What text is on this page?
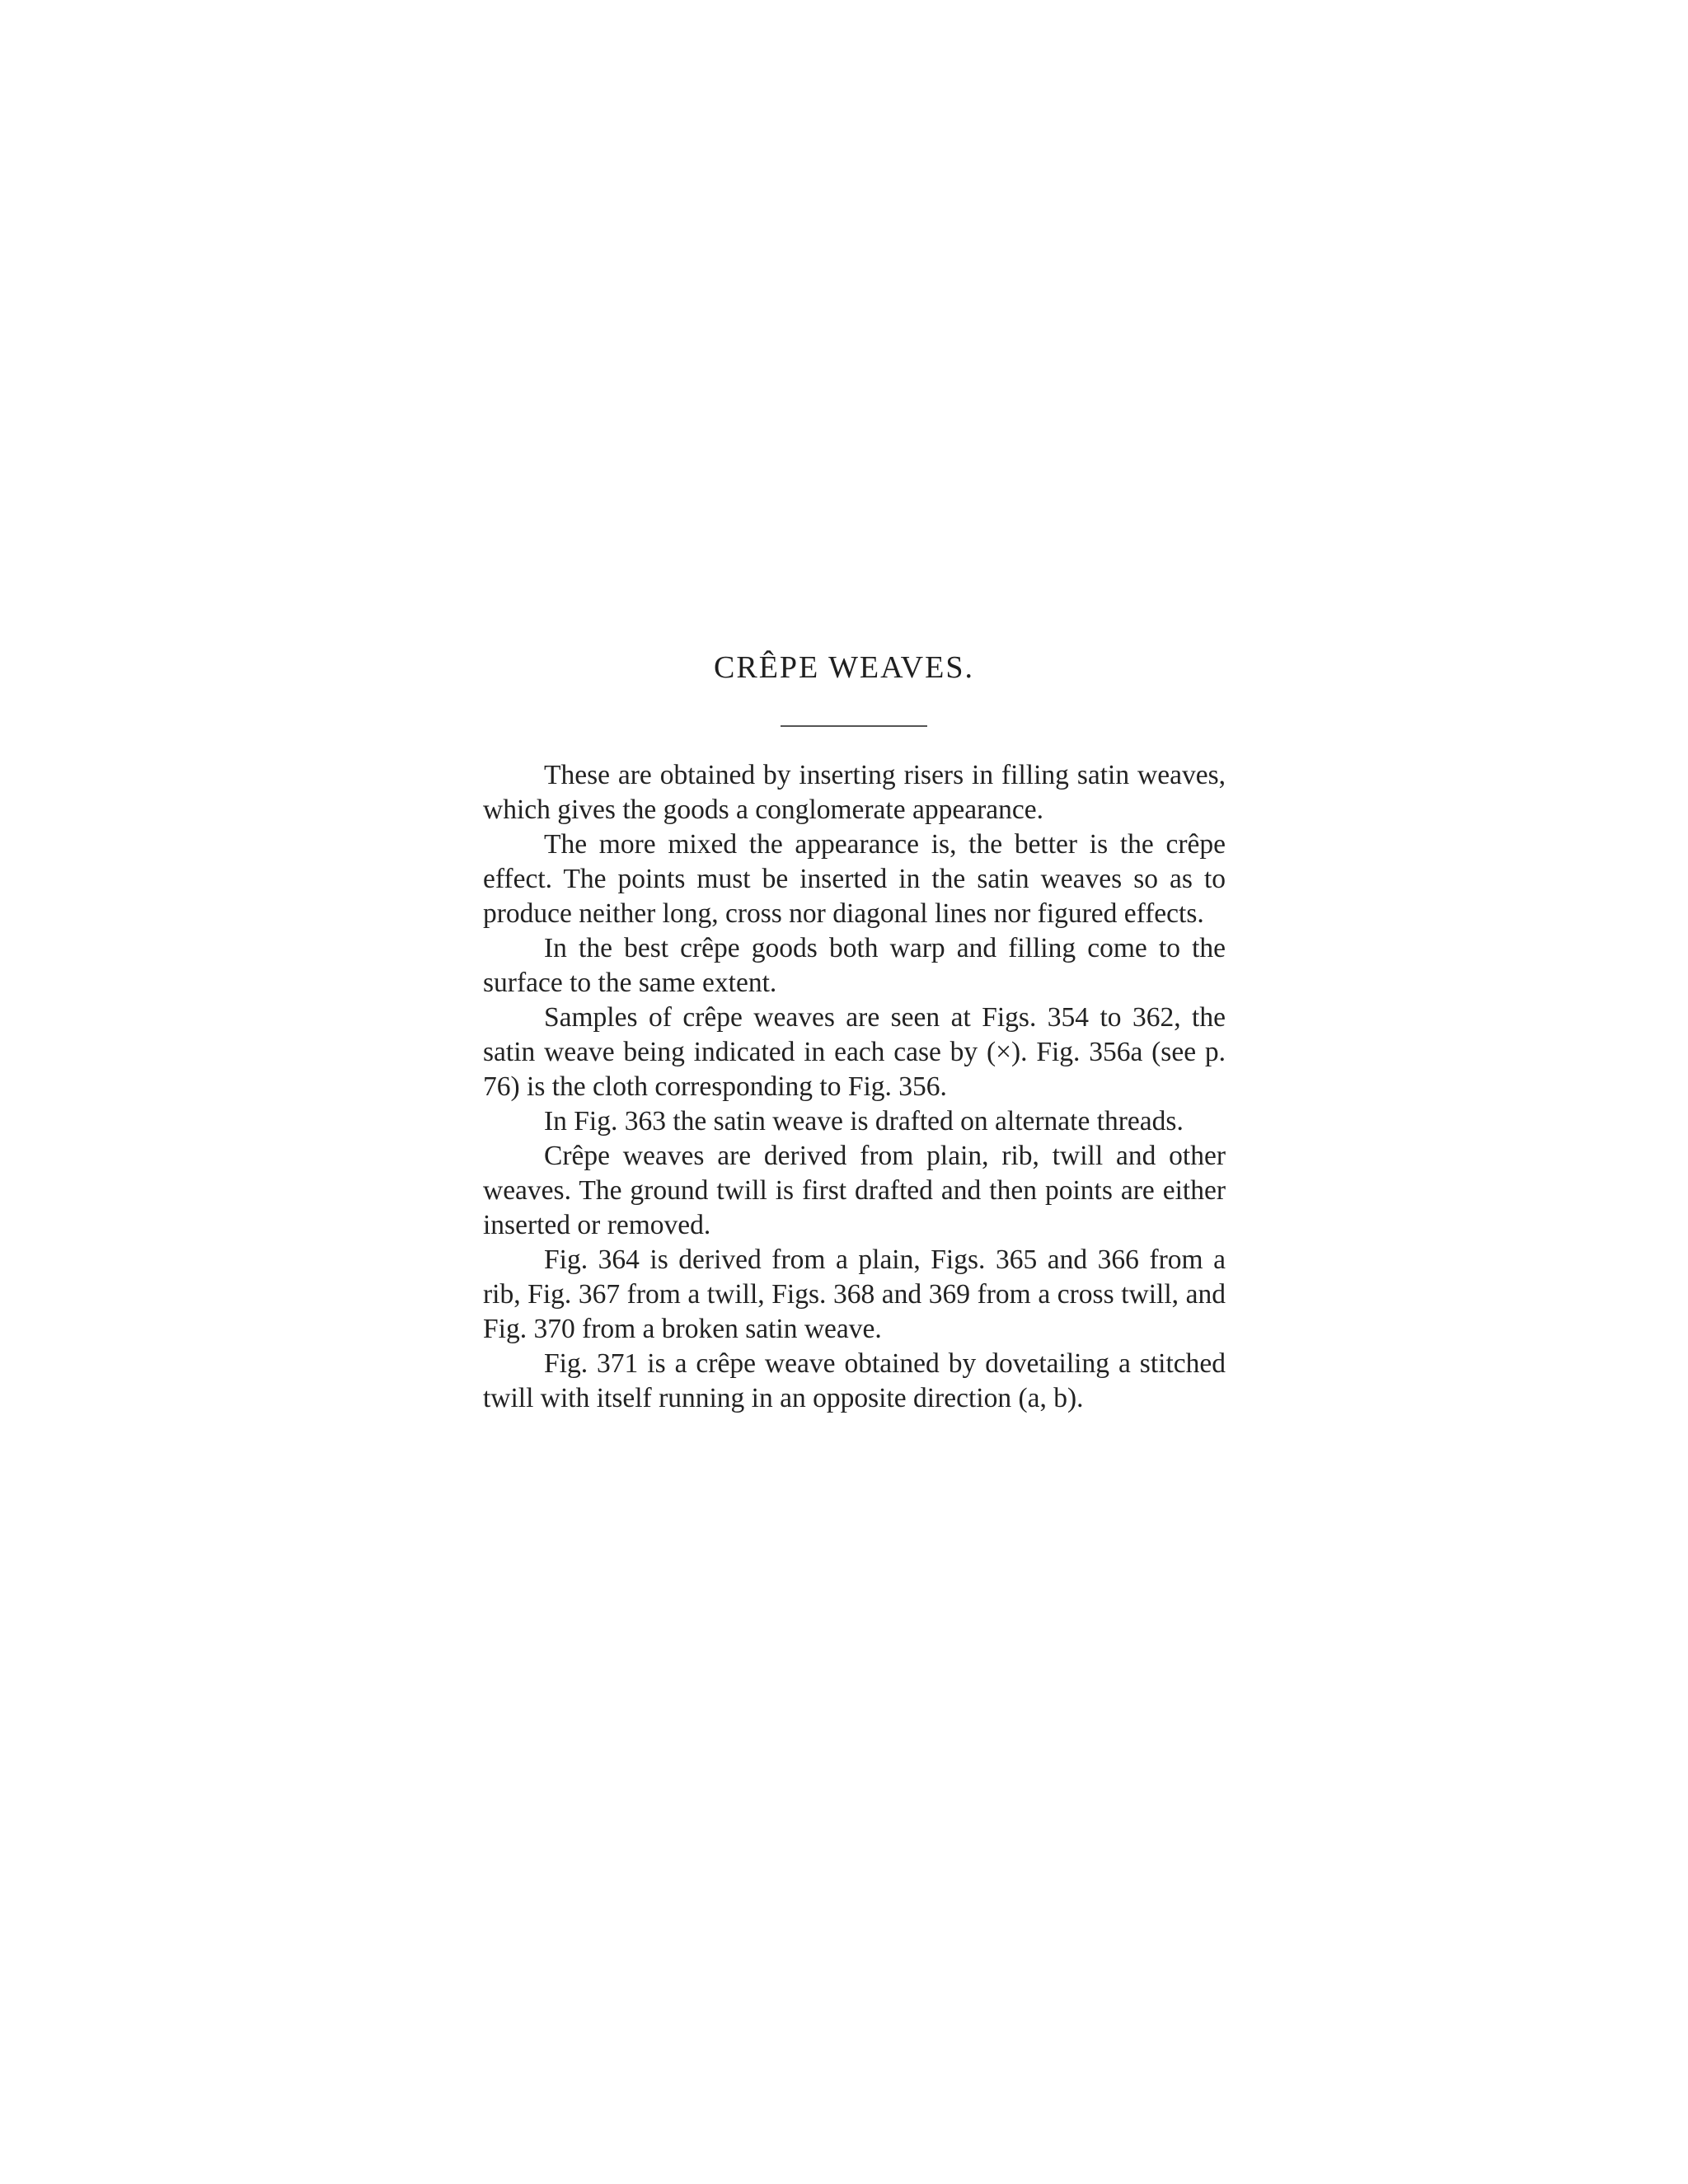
CRÊPE WEAVES.

These are obtained by inserting risers in filling satin weaves, which gives the goods a conglomerate appearance.

The more mixed the appearance is, the better is the crêpe effect. The points must be inserted in the satin weaves so as to produce neither long, cross nor diagonal lines nor figured effects.

In the best crêpe goods both warp and filling come to the surface to the same extent.

Samples of crêpe weaves are seen at Figs. 354 to 362, the satin weave being indicated in each case by (×). Fig. 356a (see p. 76) is the cloth corresponding to Fig. 356.

In Fig. 363 the satin weave is drafted on alternate threads.

Crêpe weaves are derived from plain, rib, twill and other weaves. The ground twill is first drafted and then points are either inserted or removed.

Fig. 364 is derived from a plain, Figs. 365 and 366 from a rib, Fig. 367 from a twill, Figs. 368 and 369 from a cross twill, and Fig. 370 from a broken satin weave.

Fig. 371 is a crêpe weave obtained by dovetailing a stitched twill with itself running in an opposite direction (a, b).
